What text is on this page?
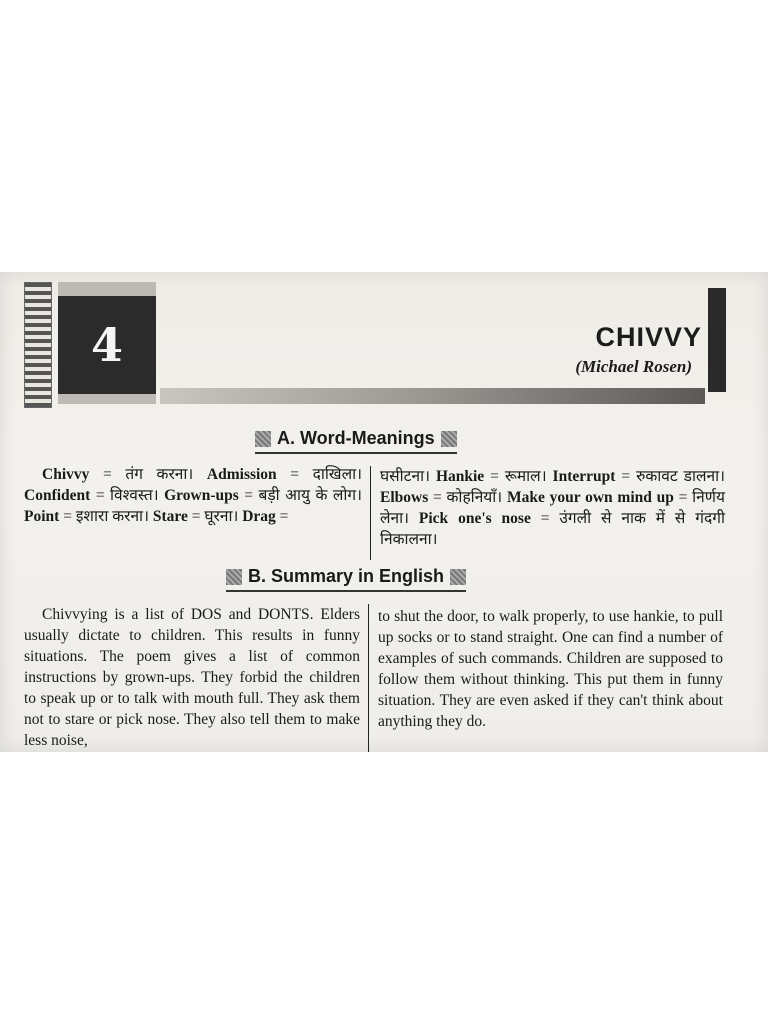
4	CHIVVY
(Michael Rosen)
A. Word-Meanings
Chivvy = तंग करना। Admission = दाखिला। Confident = विश्वस्त। Grown-ups = बड़ी आयु के लोग। Point = इशारा करना। Stare = घूरना। Drag =
घसीटना। Hankie = रूमाल। Interrupt = रुकावट डालना। Elbows = कोहनियाँ। Make your own mind up = निर्णय लेना। Pick one's nose = उंगली से नाक में से गंदगी निकालना।
B. Summary in English
Chivvying is a list of DOS and DONTS. Elders usually dictate to children. This results in funny situations. The poem gives a list of common instructions by grown-ups. They forbid the children to speak up or to talk with mouth full. They ask them not to stare or pick nose. They also tell them to make less noise,
to shut the door, to walk properly, to use hankie, to pull up socks or to stand straight. One can find a number of examples of such commands. Children are supposed to follow them without thinking. This put them in funny situation. They are even asked if they can't think about anything they do.
